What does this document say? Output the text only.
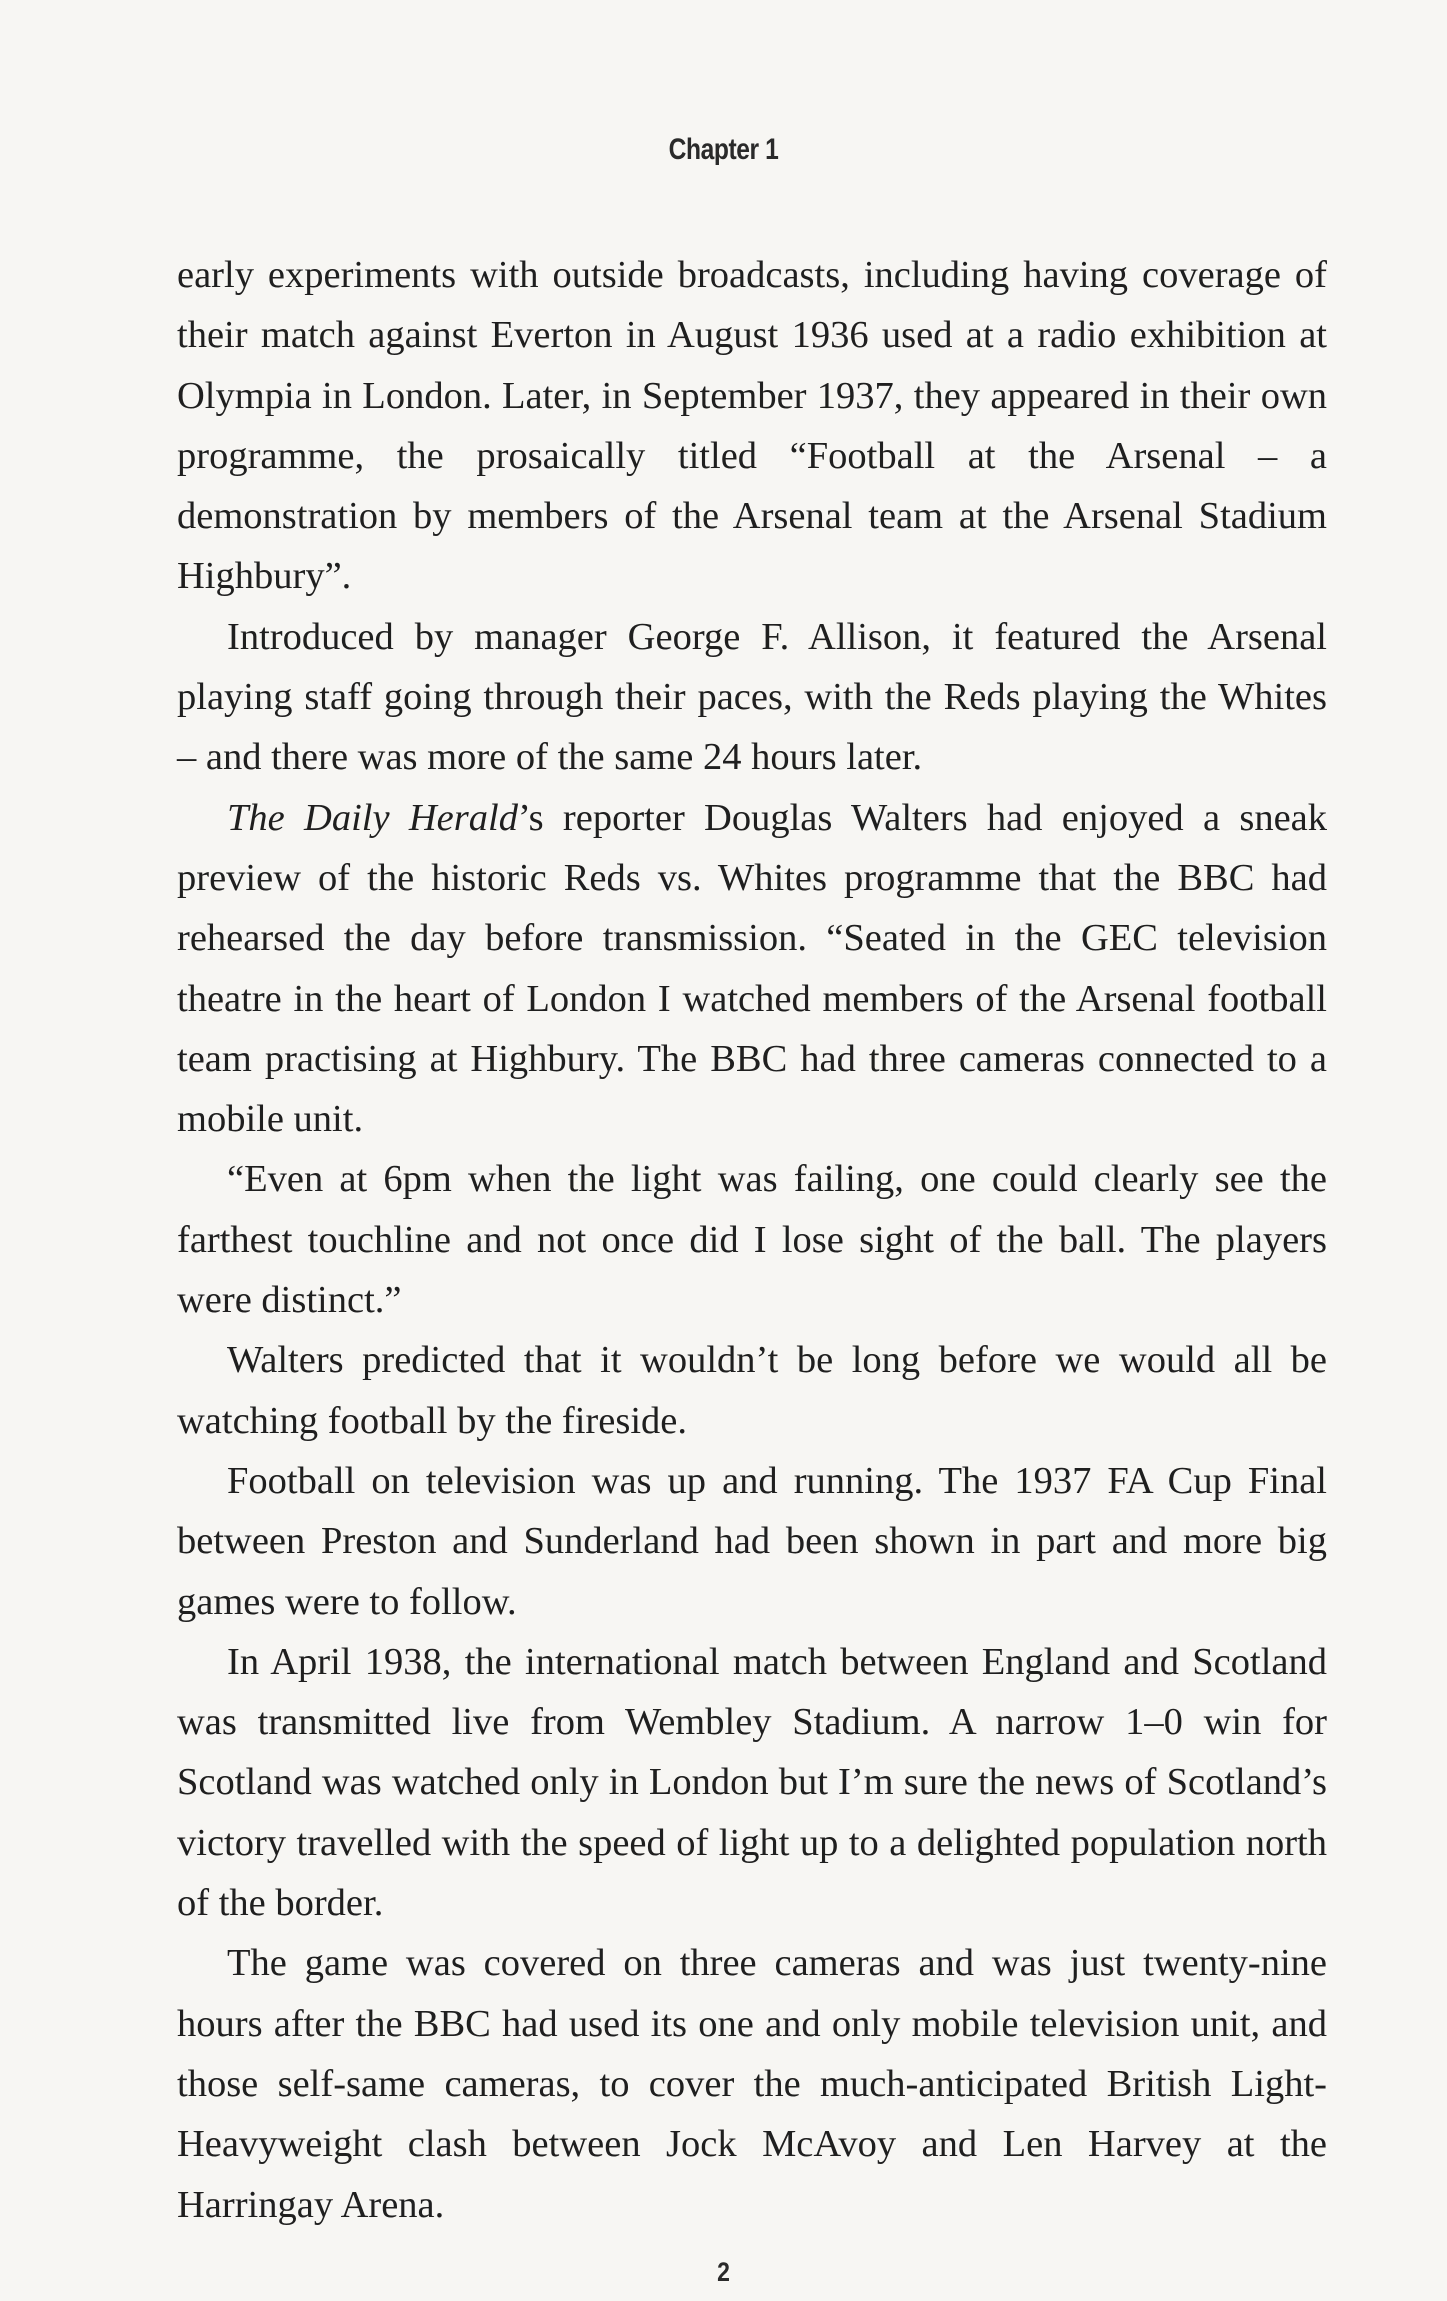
Chapter 1

early experiments with outside broadcasts, including having coverage of their match against Everton in August 1936 used at a radio exhibition at Olympia in London. Later, in September 1937, they appeared in their own programme, the prosaically titled “Football at the Arsenal – a demonstration by members of the Arsenal team at the Arsenal Stadium Highbury”.

Introduced by manager George F. Allison, it featured the Arsenal playing staff going through their paces, with the Reds playing the Whites – and there was more of the same 24 hours later.

The Daily Herald’s reporter Douglas Walters had enjoyed a sneak preview of the historic Reds vs. Whites programme that the BBC had rehearsed the day before transmission. “Seated in the GEC television theatre in the heart of London I watched members of the Arsenal football team practising at Highbury. The BBC had three cameras connected to a mobile unit.

“Even at 6pm when the light was failing, one could clearly see the farthest touchline and not once did I lose sight of the ball. The players were distinct.”

Walters predicted that it wouldn’t be long before we would all be watching football by the fireside.

Football on television was up and running. The 1937 FA Cup Final between Preston and Sunderland had been shown in part and more big games were to follow.

In April 1938, the international match between England and Scotland was transmitted live from Wembley Stadium. A narrow 1–0 win for Scotland was watched only in London but I’m sure the news of Scotland’s victory travelled with the speed of light up to a delighted population north of the border.

The game was covered on three cameras and was just twenty-nine hours after the BBC had used its one and only mobile television unit, and those self-same cameras, to cover the much-anticipated British Light-Heavyweight clash between Jock McAvoy and Len Harvey at the Harringay Arena.

2
